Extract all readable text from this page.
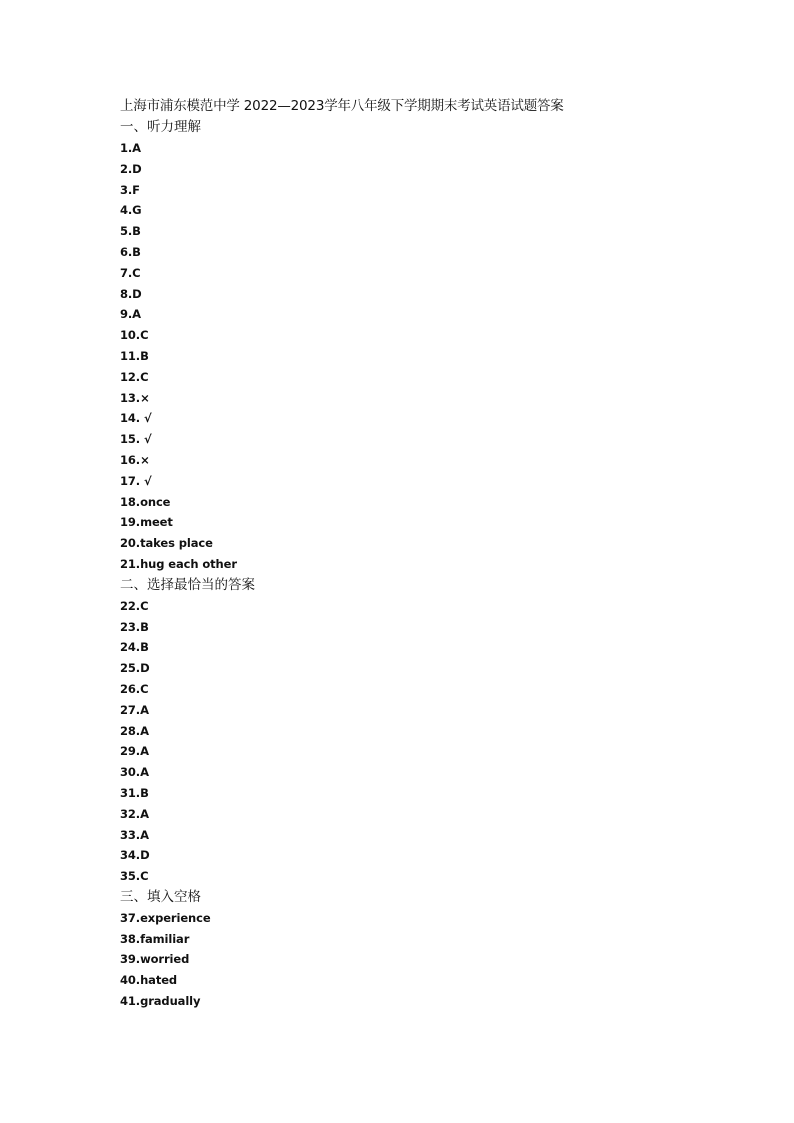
上海市浦东模范中学 2022—2023学年八年级下学期期末考试英语试题答案
一、听力理解
1.A
2.D
3.F
4.G
5.B
6.B
7.C
8.D
9.A
10.C
11.B
12.C
13.×
14. √
15. √
16.×
17. √
18.once
19.meet
20.takes place
21.hug each other
二、选择最恰当的答案
22.C
23.B
24.B
25.D
26.C
27.A
28.A
29.A
30.A
31.B
32.A
33.A
34.D
35.C
三、填入空格
37.experience
38.familiar
39.worried
40.hated
41.gradually
